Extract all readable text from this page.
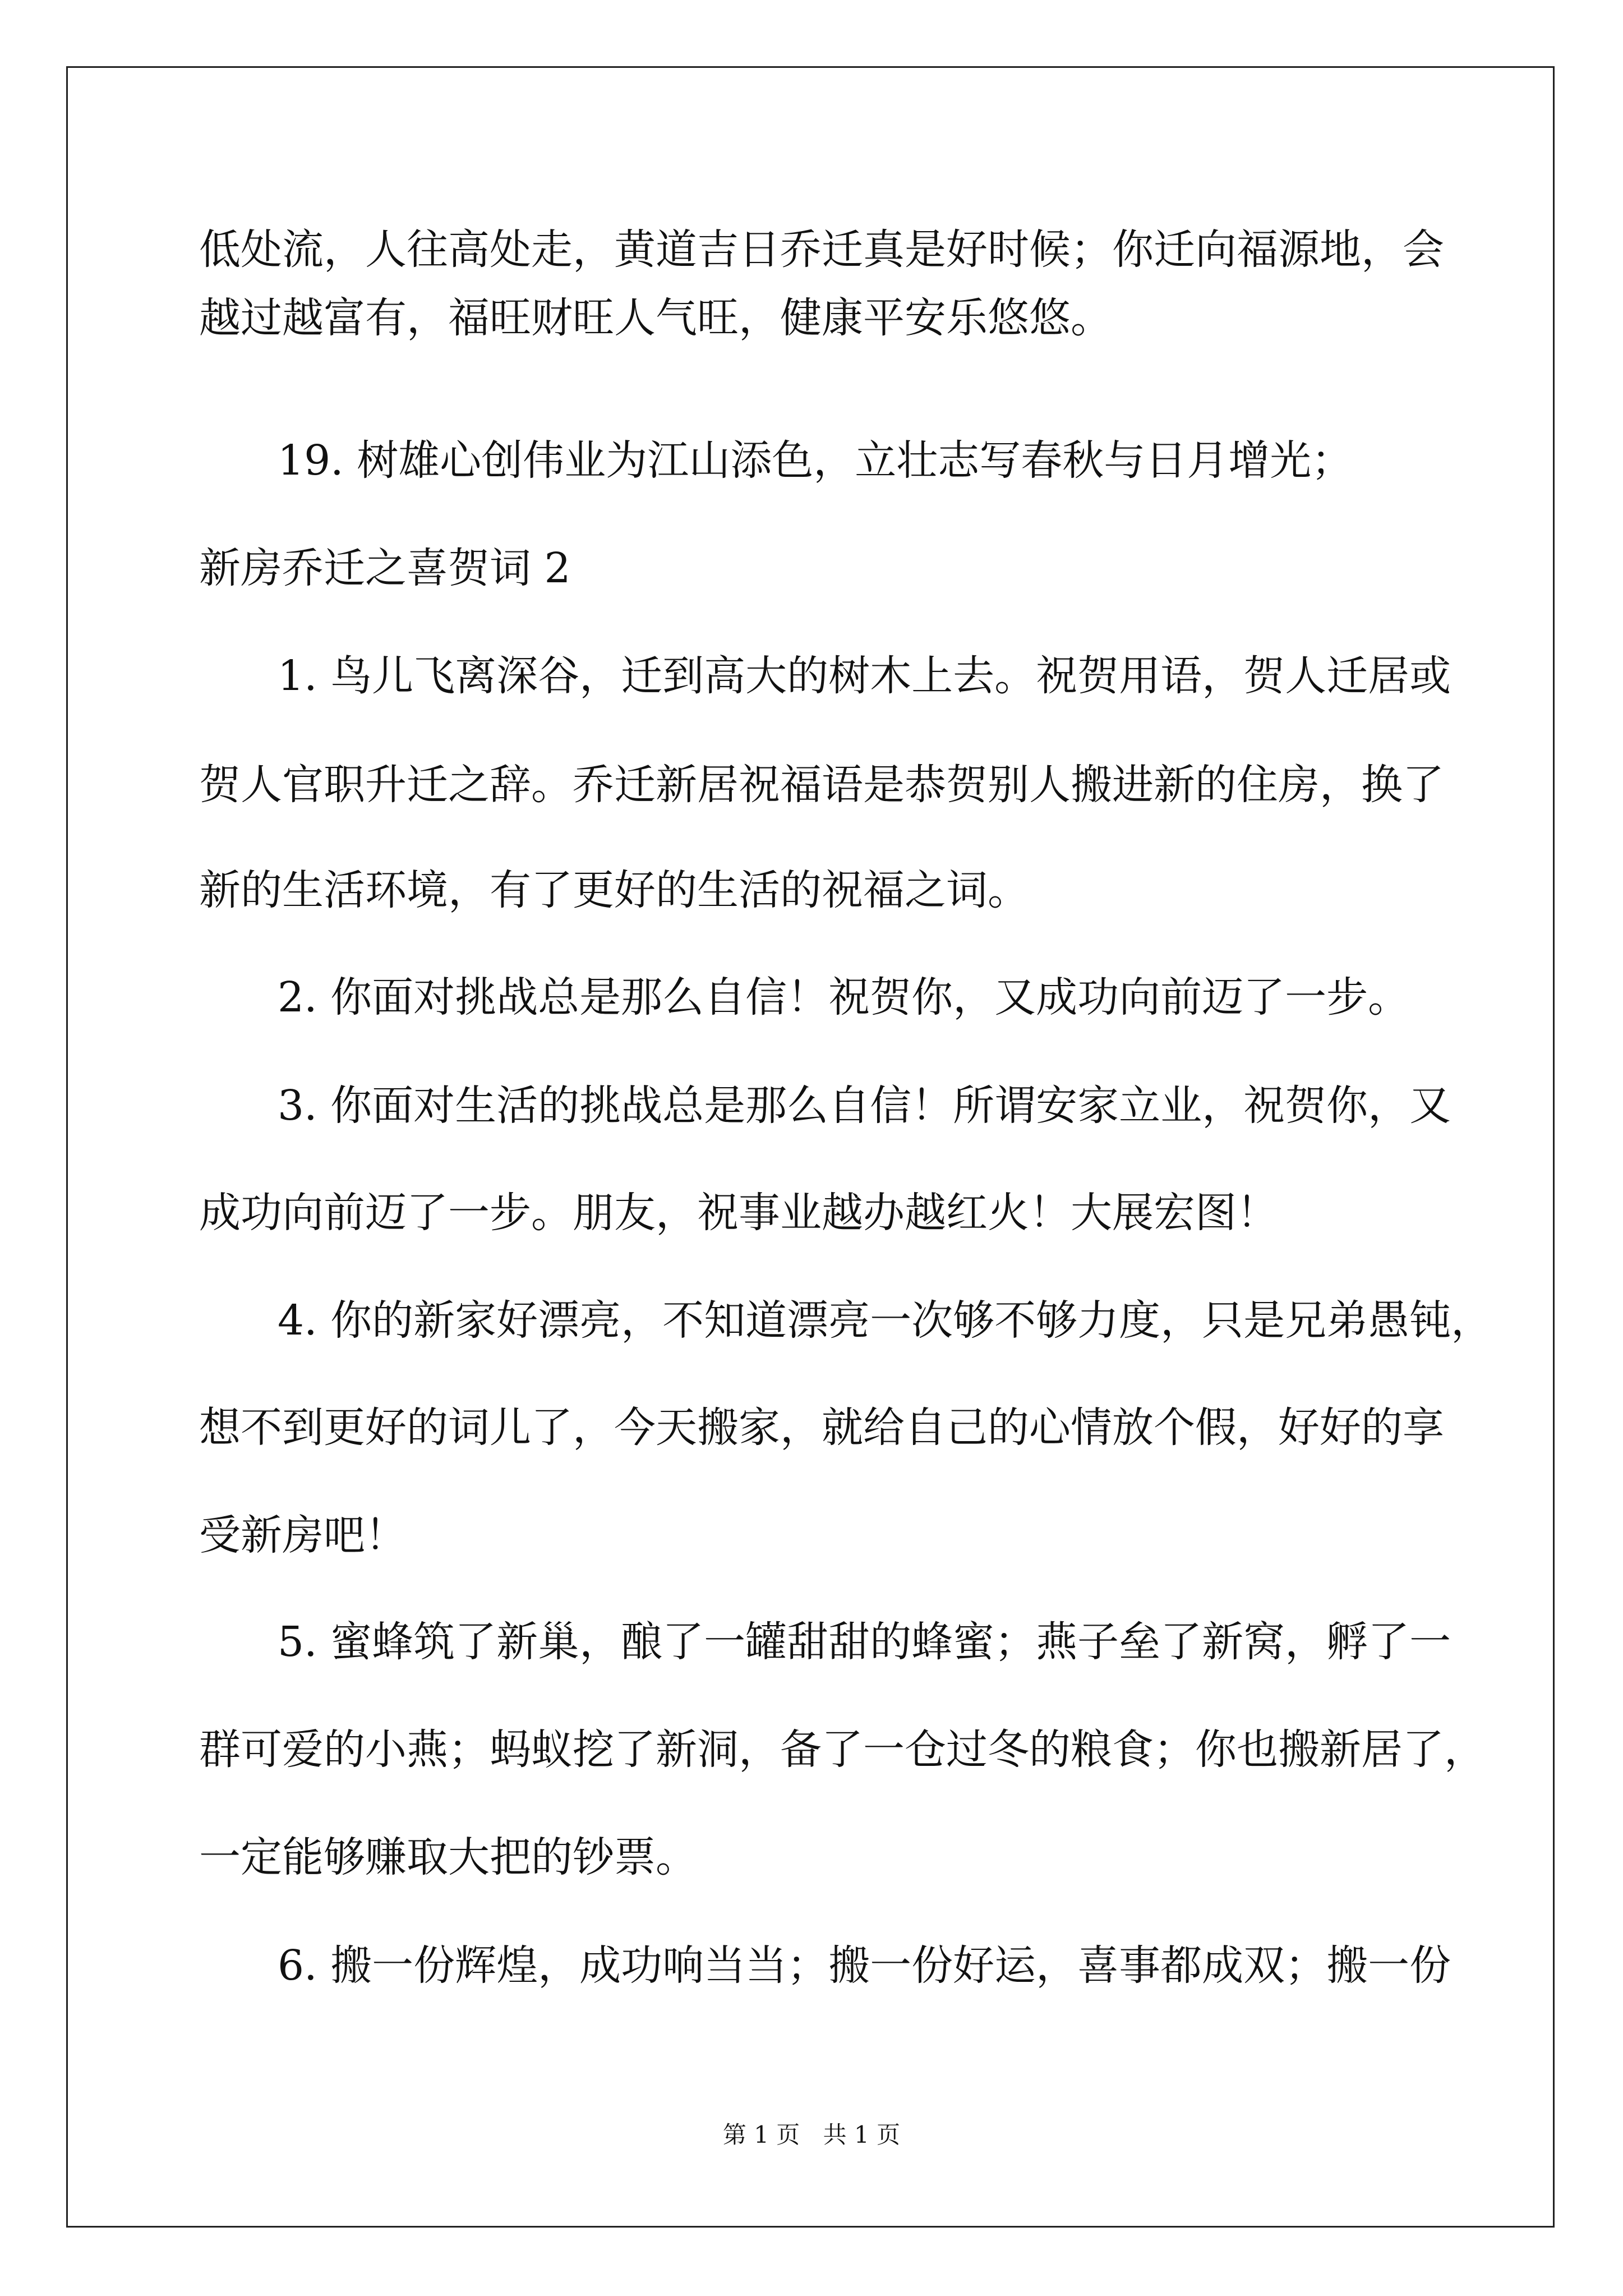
低处流，人往高处走，黄道吉日乔迁真是好时候；你迁向福源地，会
越过越富有，福旺财旺人气旺，健康平安乐悠悠。
19. 树雄心创伟业为江山添色，立壮志写春秋与日月增光；
新房乔迁之喜贺词 2
1. 鸟儿飞离深谷，迁到高大的树木上去。祝贺用语，贺人迁居或
贺人官职升迁之辞。乔迁新居祝福语是恭贺别人搬进新的住房，换了
新的生活环境，有了更好的生活的祝福之词。
2. 你面对挑战总是那么自信！祝贺你，又成功向前迈了一步。
3. 你面对生活的挑战总是那么自信！所谓安家立业，祝贺你，又
成功向前迈了一步。朋友，祝事业越办越红火！大展宏图！
4. 你的新家好漂亮，不知道漂亮一次够不够力度，只是兄弟愚钝，
想不到更好的词儿了，今天搬家，就给自己的心情放个假，好好的享
受新房吧！
5. 蜜蜂筑了新巢，酿了一罐甜甜的蜂蜜；燕子垒了新窝，孵了一
群可爱的小燕；蚂蚁挖了新洞，备了一仓过冬的粮食；你也搬新居了，
一定能够赚取大把的钞票。
6. 搬一份辉煌，成功响当当；搬一份好运，喜事都成双；搬一份
第 1 页 共 1 页
